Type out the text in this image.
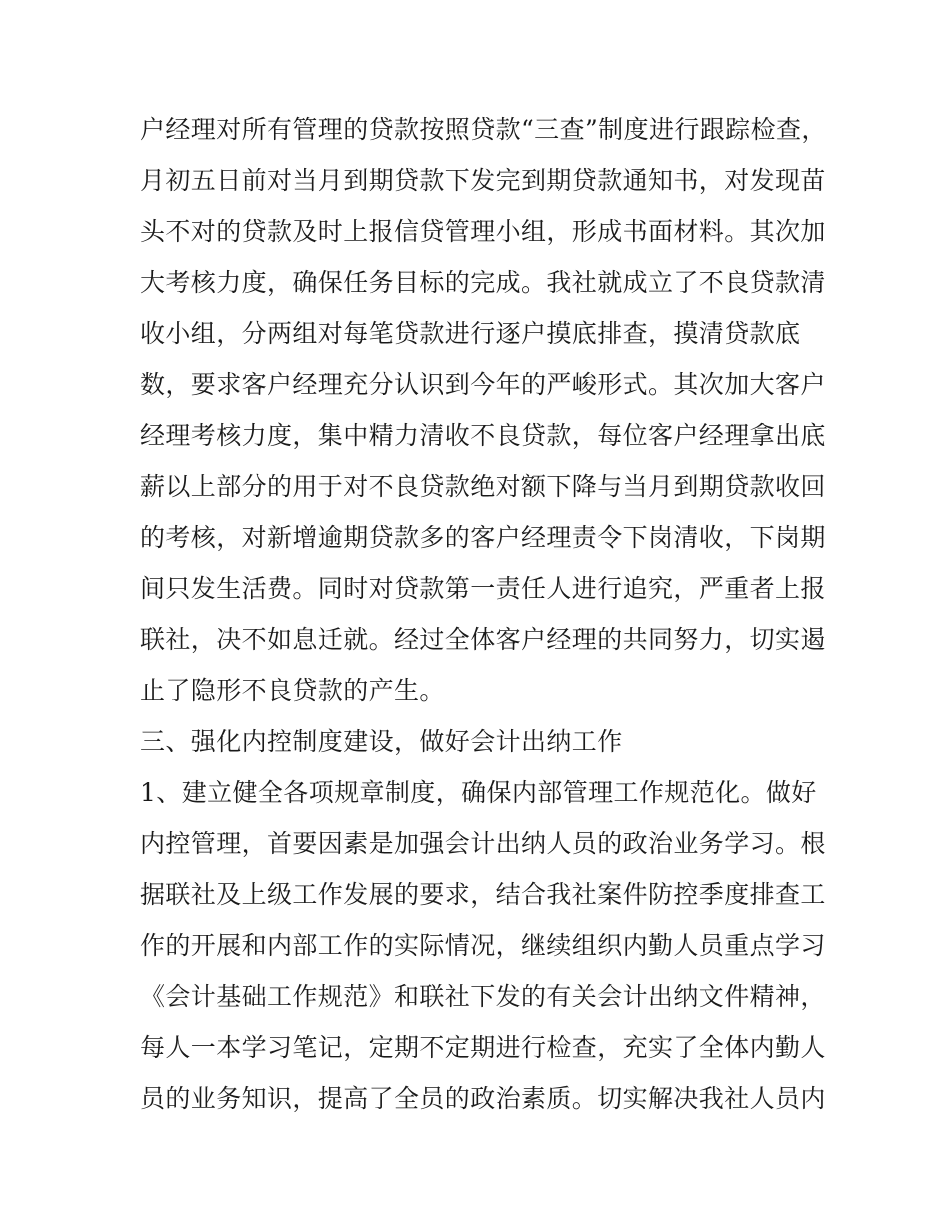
户经理对所有管理的贷款按照贷款“三查”制度进行跟踪检查，
月初五日前对当月到期贷款下发完到期贷款通知书，对发现苗
头不对的贷款及时上报信贷管理小组，形成书面材料。其次加
大考核力度，确保任务目标的完成。我社就成立了不良贷款清
收小组，分两组对每笔贷款进行逐户摸底排查，摸清贷款底
数，要求客户经理充分认识到今年的严峻形式。其次加大客户
经理考核力度，集中精力清收不良贷款，每位客户经理拿出底
薪以上部分的用于对不良贷款绝对额下降与当月到期贷款收回
的考核，对新增逾期贷款多的客户经理责令下岗清收，下岗期
间只发生活费。同时对贷款第一责任人进行追究，严重者上报
联社，决不如息迁就。经过全体客户经理的共同努力，切实遏
止了隐形不良贷款的产生。
三、强化内控制度建设，做好会计出纳工作
1、建立健全各项规章制度，确保内部管理工作规范化。做好
内控管理，首要因素是加强会计出纳人员的政治业务学习。根
据联社及上级工作发展的要求，结合我社案件防控季度排查工
作的开展和内部工作的实际情况，继续组织内勤人员重点学习
《会计基础工作规范》和联社下发的有关会计出纳文件精神，
每人一本学习笔记，定期不定期进行检查，充实了全体内勤人
员的业务知识，提高了全员的政治素质。切实解决我社人员内
